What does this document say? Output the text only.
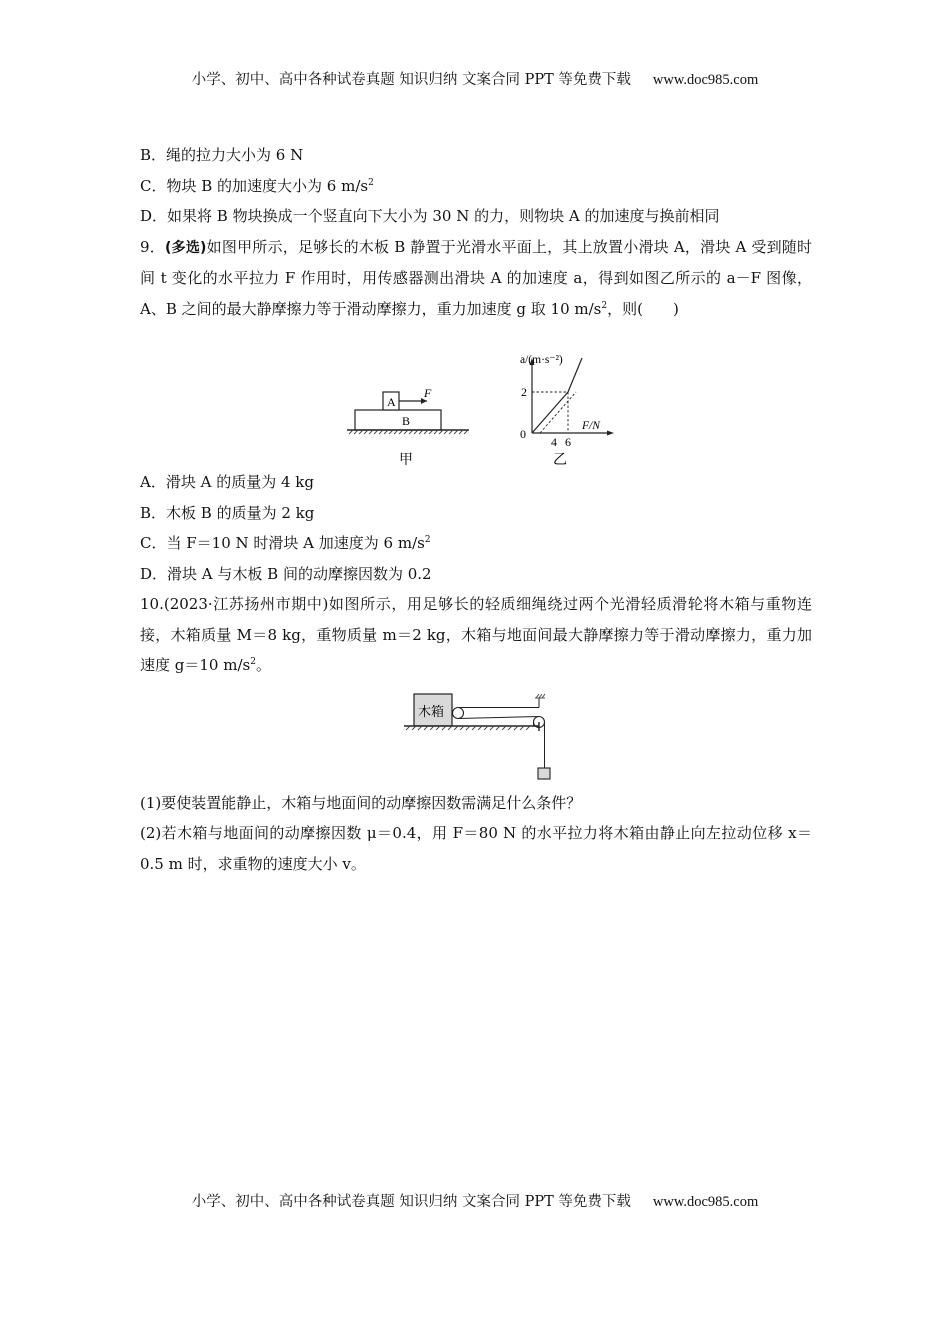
小学、初中、高中各种试卷真题 知识归纳 文案合同 PPT 等免费下载 www.doc985.com
B．绳的拉力大小为 6 N
C．物块 B 的加速度大小为 6 $m/s^2$
D．如果将 B 物块换成一个竖直向下大小为 30 N 的力，则物块 A 的加速度与换前相同
9．(多选)如图甲所示，足够长的木板 B 静置于光滑水平面上，其上放置小滑块 A，滑块 A 受到随时间 t 变化的水平拉力 F 作用时，用传感器测出滑块 A 的加速度 a，得到如图乙所示的 a－F 图像，A、B 之间的最大静摩擦力等于滑动摩擦力，重力加速度 g 取 10 $m/s^2$，则(　　)
A．滑块 A 的质量为 4 kg
B．木板 B 的质量为 2 kg
C．当 F＝10 N 时滑块 A 加速度为 6 $m/s^2$
D．滑块 A 与木板 B 间的动摩擦因数为 0.2
10.(2023·江苏扬州市期中)如图所示，用足够长的轻质细绳绕过两个光滑轻质滑轮将木箱与重物连接，木箱质量 M＝8 kg，重物质量 m＝2 kg，木箱与地面间最大静摩擦力等于滑动摩擦力，重力加速度 g＝10 $m/s^2$。
(1)要使装置能静止，木箱与地面间的动摩擦因数需满足什么条件？
(2)若木箱与地面间的动摩擦因数 μ＝0.4，用 F＝80 N 的水平拉力将木箱由静止向左拉动位移 x＝0.5 m 时，求重物的速度大小 v。
A
B
F
甲
a/(m·s⁻²)
F/N
0
2
4 6
乙
木箱
小学、初中、高中各种试卷真题 知识归纳 文案合同 PPT 等免费下载 www.doc985.com
